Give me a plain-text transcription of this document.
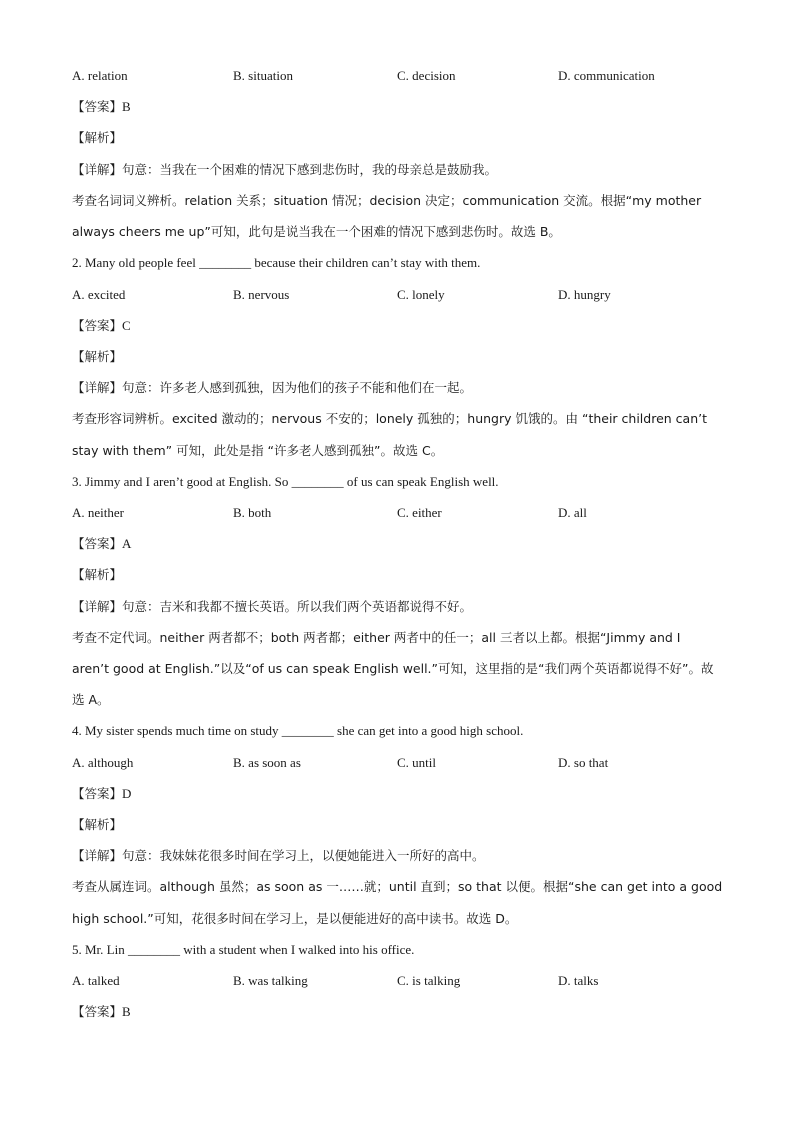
A. relation	B. situation	C. decision	D. communication
【答案】B
【解析】
【详解】句意：当我在一个困难的情况下感到悲伤时，我的母亲总是鼓励我。
考查名词词义辨析。relation 关系；situation 情况；decision 决定；communication 交流。根据“my mother
always cheers me up”可知，此句是说当我在一个困难的情况下感到悲伤时。故选 B。
2. Many old people feel ________ because their children can’t stay with them.
A. excited	B. nervous	C. lonely	D. hungry
【答案】C
【解析】
【详解】句意：许多老人感到孤独，因为他们的孩子不能和他们在一起。
考查形容词辨析。excited 激动的；nervous 不安的；lonely 孤独的；hungry 饥饿的。由 “their children can’t
stay with them” 可知，此处是指 “许多老人感到孤独”。故选 C。
3. Jimmy and I aren’t good at English. So ________ of us can speak English well.
A. neither	B. both	C. either	D. all
【答案】A
【解析】
【详解】句意：吉米和我都不擅长英语。所以我们两个英语都说得不好。
考查不定代词。neither 两者都不；both 两者都；either 两者中的任一；all 三者以上都。根据“Jimmy and I
aren’t good at English.”以及“of us can speak English well.”可知，这里指的是“我们两个英语都说得不好”。故
选 A。
4. My sister spends much time on study ________ she can get into a good high school.
A. although	B. as soon as	C. until	D. so that
【答案】D
【解析】
【详解】句意：我妹妹花很多时间在学习上，以便她能进入一所好的高中。
考查从属连词。although 虽然；as soon as 一……就；until 直到；so that 以便。根据“she can get into a good
high school.”可知，花很多时间在学习上，是以便能进好的高中读书。故选 D。
5. Mr. Lin ________ with a student when I walked into his office.
A. talked	B. was talking	C. is talking	D. talks
【答案】B
